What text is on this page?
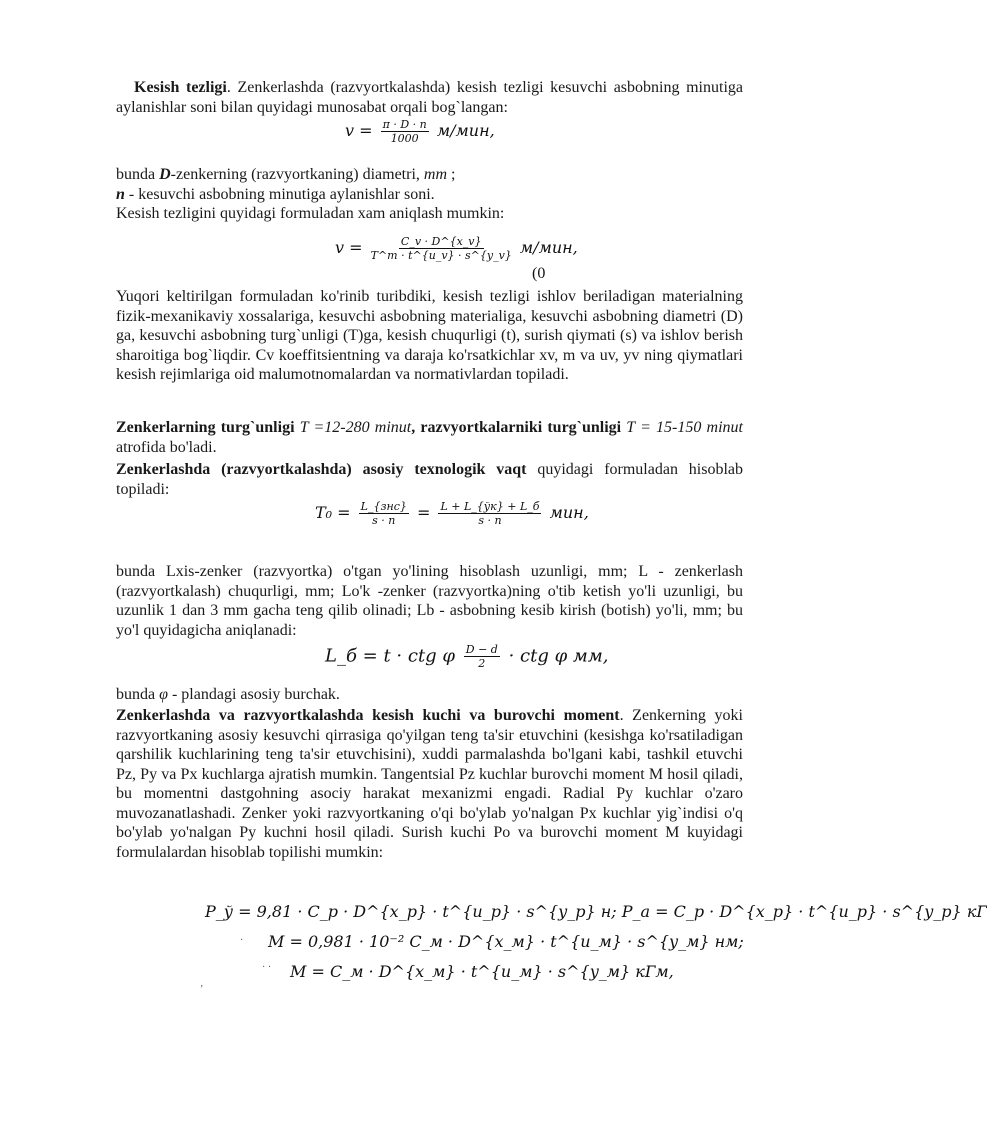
Kesish tezligi. Zenkerlashda (razvyortkalashda) kesish tezligi kesuvchi asbobning minutiga aylanishlar soni bilan quyidagi munosabat orqali bog`langan:

$v = \frac{\pi \cdot D \cdot n}{1000} м/мин$,

bunda D-zenkerning (razvyortkaning) diametri, mm ;
n - kesuvchi asbobning minutiga aylanishlar soni.
Kesish tezligini quyidagi formuladan xam aniqlash mumkin:

$v = \frac{C\_v \cdot D\^{}\{x\_v\}}{T\^{}m \cdot t\^{}\{u\_v\} \cdot s\^{}\{y\_v\}} м/мин$,
(0

Yuqori keltirilgan formuladan ko'rinib turibdiki, kesish tezligi ishlov beriladigan materialning fizik-mexanikaviy xossalariga, kesuvchi asbobning materialiga, kesuvchi asbobning diametri (D) ga, kesuvchi asbobning turg`unligi (T)ga, kesish chuqurligi (t), surish qiymati (s) va ishlov berish sharoitiga bog`liqdir. Cv koeffitsientning va daraja ko'rsatkichlar xv, m va uv, yv ning qiymatlari kesish rejimlariga oid malumotnomalardan va normativlardan topiladi.

Zenkerlarning turg`unligi T =12-280 minut, razvyortkalarniki turg`unligi T = 15-150 minut atrofida bo'ladi.

Zenkerlashda (razvyortkalashda) asosiy texnologik vaqt quyidagi formuladan hisoblab topiladi:

$T_0 = \frac{\text{L\_\{знс\}}}{s \cdot n} = \frac{L + L\_\{ўк\} + L\_б}{s \cdot n}$ мин,

bunda Lxis-zenker (razvyortka) o'tgan yo'lining hisoblash uzunligi, mm; L - zenkerlash (razvyortkalash) chuqurligi, mm; Lo'k -zenker (razvyortka)ning o'tib ketish yo'li uzunligi, bu uzunlik 1 dan 3 mm gacha teng qilib olinadi; Lb - asbobning kesib kirish (botish) yo'li, mm; bu yo'l quyidagicha aniqlanadi:

L_б = t · ctg φ $\frac{D - d}{2}$ · ctg φ мм,

bunda φ - plandagi asosiy burchak.

Zenkerlashda va razvyortkalashda kesish kuchi va burovchi moment. Zenkerning yoki razvyortkaning asosiy kesuvchi qirrasiga qo'yilgan teng ta'sir etuvchini (kesishga ko'rsatiladigan qarshilik kuchlarining teng ta'sir etuvchisini), xuddi parmalashda bo'lgani kabi, tashkil etuvchi Pz, Py va Px kuchlarga ajratish mumkin. Tangentsial Pz kuchlar burovchi moment M hosil qiladi, bu momentni dastgohning asociy harakat mexanizmi engadi. Radial Py kuchlar o'zaro muvozanatlashadi. Zenker yoki razvyortkaning o'qi bo'ylab yo'nalgan Px kuchlar yig`indisi o'q bo'ylab yo'nalgan Py kuchni hosil qiladi. Surish kuchi Po va burovchi moment M kuyidagi formulalardan hisoblab topilishi mumkin:

P_ў = 9,81 · C_p · D^{x_p} · t^{u_p} · s^{y_p} н; P_a = C_p · D^{x_p} · t^{u_p} · s^{y_p} кГ
M = 0,981 · 10⁻² C_м · D^{x_м} · t^{u_м} · s^{y_м} нм;
M = C_м · D^{x_м} · t^{u_м} · s^{y_м} кГм,
·
· ·
‚
